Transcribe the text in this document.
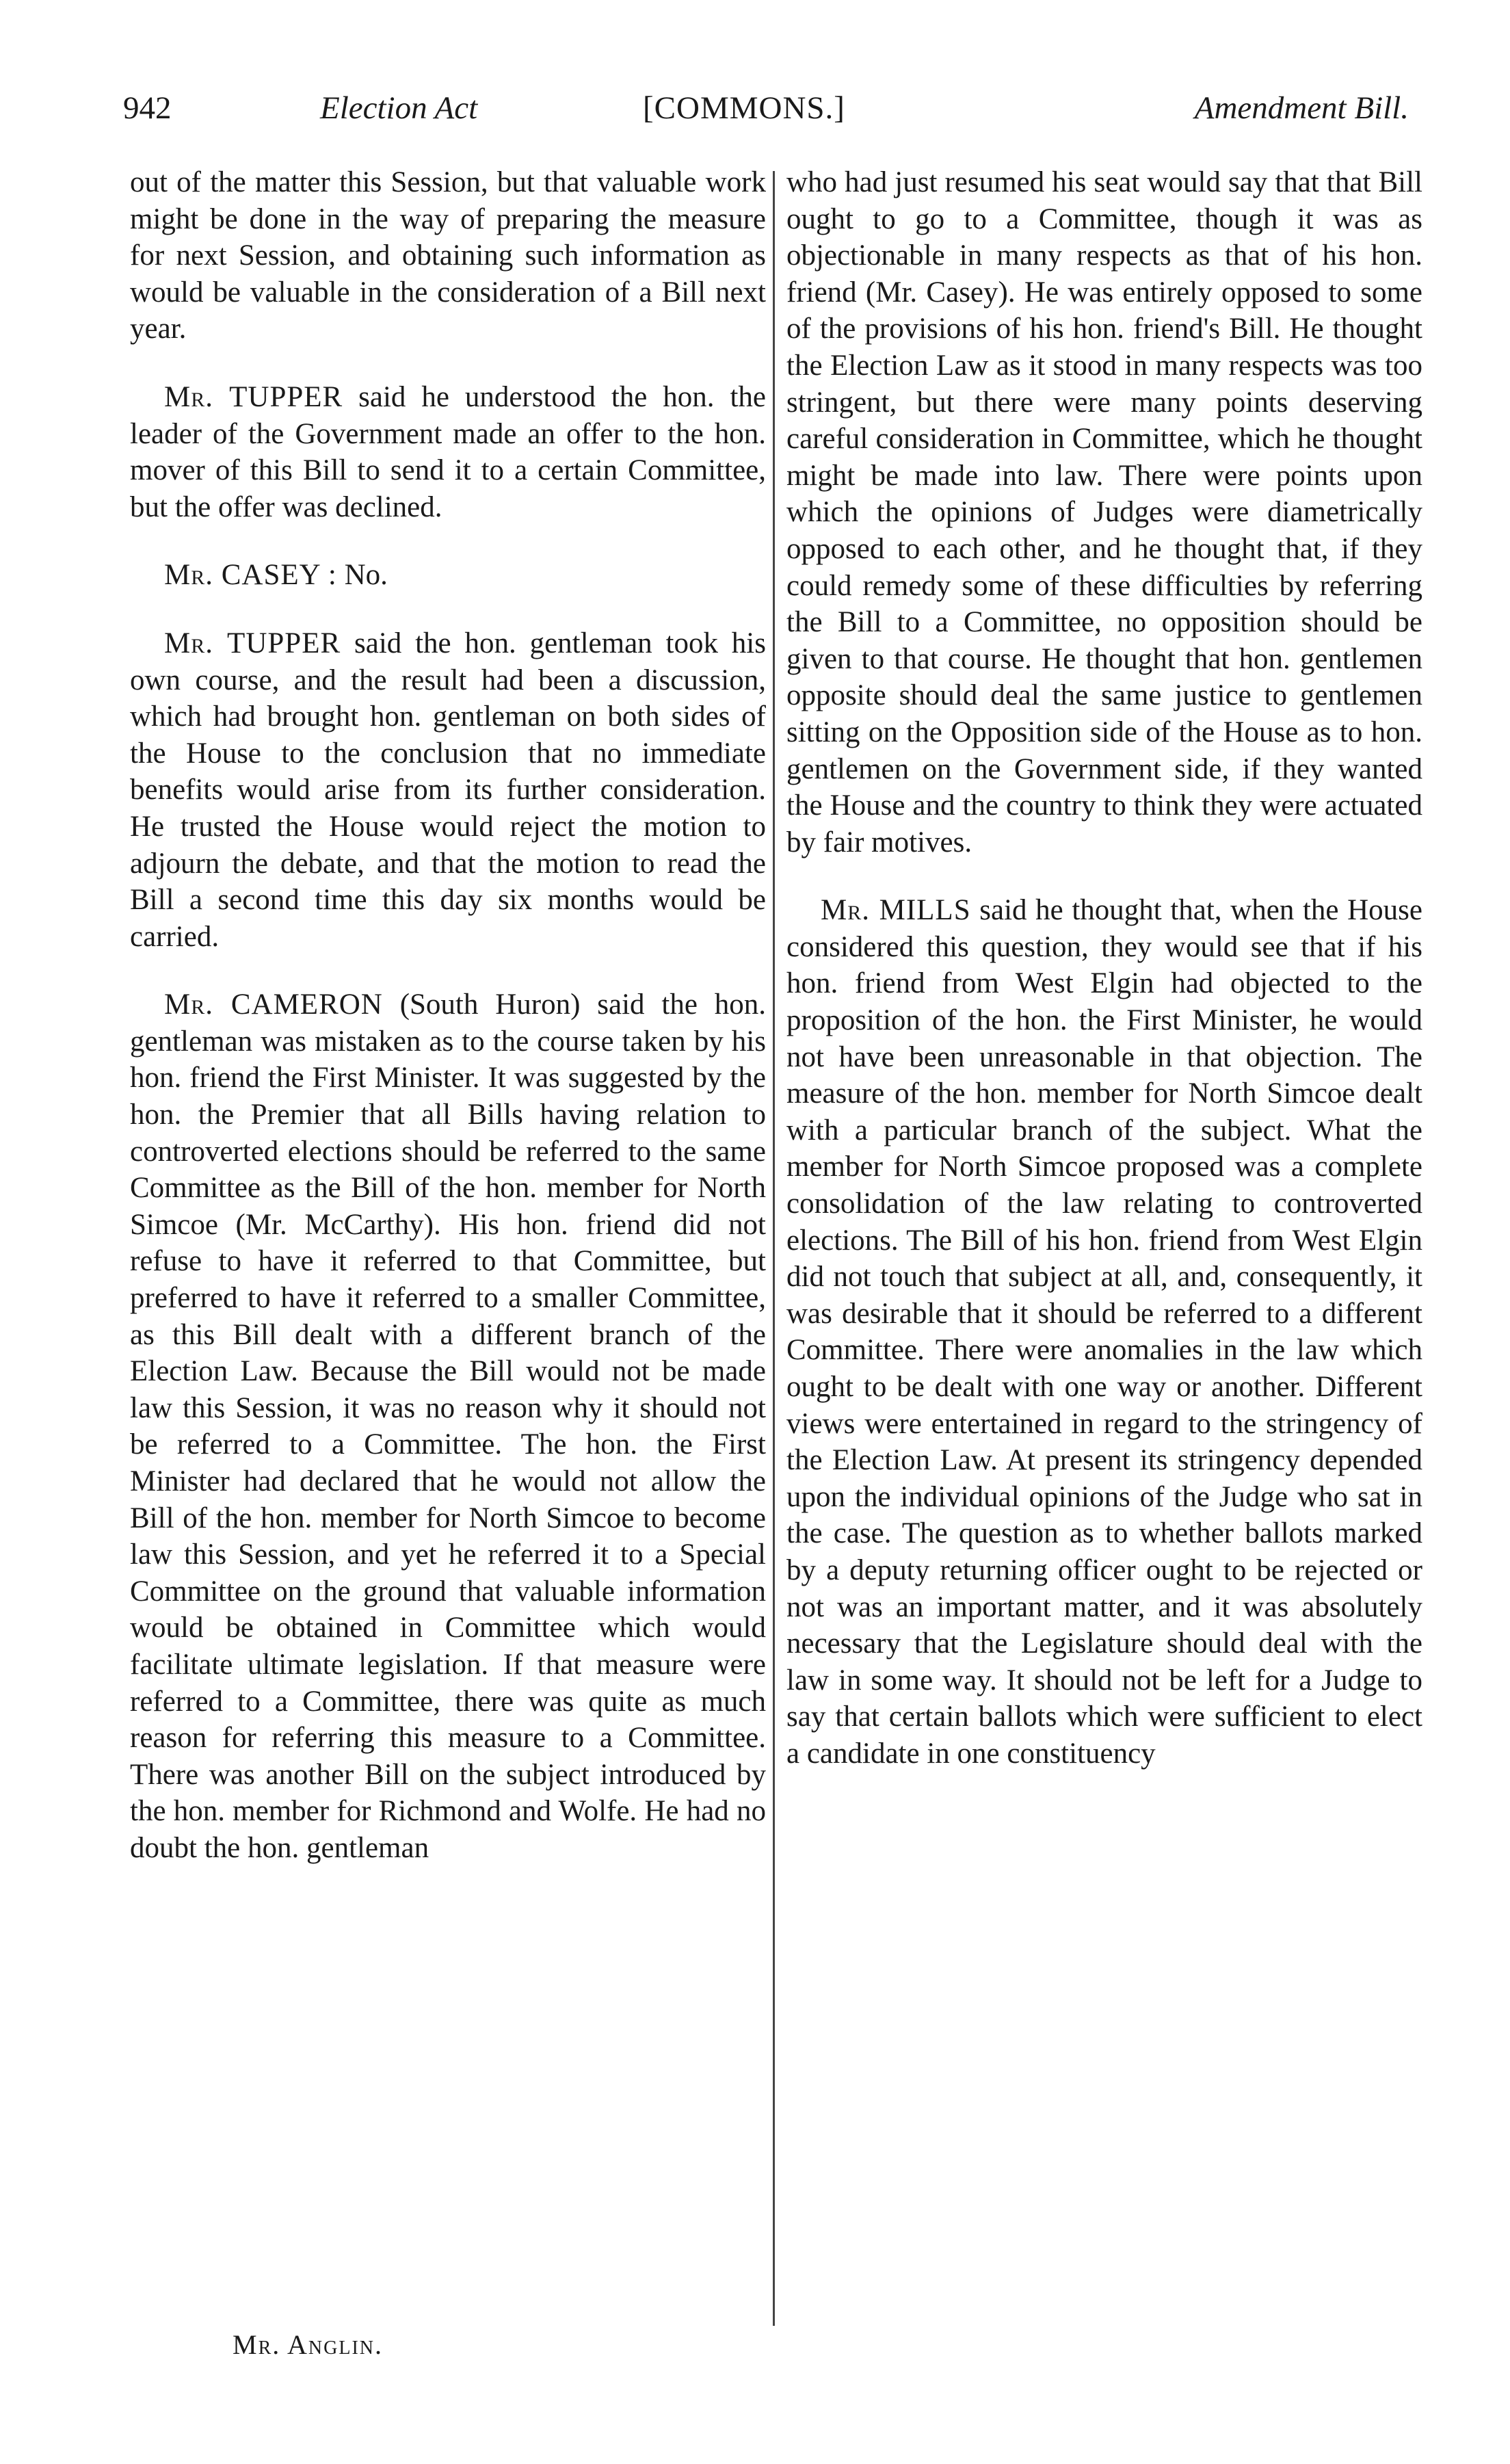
942	Election Act	[COMMONS.]	Amendment Bill.

out of the matter this Session, but that valuable work might be done in the way of preparing the measure for next Session, and obtaining such information as would be valuable in the consideration of a Bill next year.

Mr. TUPPER said he understood the hon. the leader of the Government made an offer to the hon. mover of this Bill to send it to a certain Committee, but the offer was declined.

Mr. CASEY : No.

Mr. TUPPER said the hon. gentleman took his own course, and the result had been a discussion, which had brought hon. gentleman on both sides of the House to the conclusion that no immediate benefits would arise from its further consideration. He trusted the House would reject the motion to adjourn the debate, and that the motion to read the Bill a second time this day six months would be carried.

Mr. CAMERON (South Huron) said the hon. gentleman was mistaken as to the course taken by his hon. friend the First Minister. It was suggested by the hon. the Premier that all Bills having relation to controverted elections should be referred to the same Committee as the Bill of the hon. member for North Simcoe (Mr. McCarthy). His hon. friend did not refuse to have it referred to that Committee, but preferred to have it referred to a smaller Committee, as this Bill dealt with a different branch of the Election Law. Because the Bill would not be made law this Session, it was no reason why it should not be referred to a Committee. The hon. the First Minister had declared that he would not allow the Bill of the hon. member for North Simcoe to become law this Session, and yet he referred it to a Special Committee on the ground that valuable information would be obtained in Committee which would facilitate ultimate legislation. If that measure were referred to a Committee, there was quite as much reason for referring this measure to a Committee. There was another Bill on the subject introduced by the hon. member for Richmond and Wolfe. He had no doubt the hon. gentleman

who had just resumed his seat would say that that Bill ought to go to a Committee, though it was as objectionable in many respects as that of his hon. friend (Mr. Casey). He was entirely opposed to some of the provisions of his hon. friend's Bill. He thought the Election Law as it stood in many respects was too stringent, but there were many points deserving careful consideration in Committee, which he thought might be made into law. There were points upon which the opinions of Judges were diametrically opposed to each other, and he thought that, if they could remedy some of these difficulties by referring the Bill to a Committee, no opposition should be given to that course. He thought that hon. gentlemen opposite should deal the same justice to gentlemen sitting on the Opposition side of the House as to hon. gentlemen on the Government side, if they wanted the House and the country to think they were actuated by fair motives.

Mr. MILLS said he thought that, when the House considered this question, they would see that if his hon. friend from West Elgin had objected to the proposition of the hon. the First Minister, he would not have been unreasonable in that objection. The measure of the hon. member for North Simcoe dealt with a particular branch of the subject. What the member for North Simcoe proposed was a complete consolidation of the law relating to controverted elections. The Bill of his hon. friend from West Elgin did not touch that subject at all, and, consequently, it was desirable that it should be referred to a different Committee. There were anomalies in the law which ought to be dealt with one way or another. Different views were entertained in regard to the stringency of the Election Law. At present its stringency depended upon the individual opinions of the Judge who sat in the case. The question as to whether ballots marked by a deputy returning officer ought to be rejected or not was an important matter, and it was absolutely necessary that the Legislature should deal with the law in some way. It should not be left for a Judge to say that certain ballots which were sufficient to elect a candidate in one constituency

Mr. Anglin.
